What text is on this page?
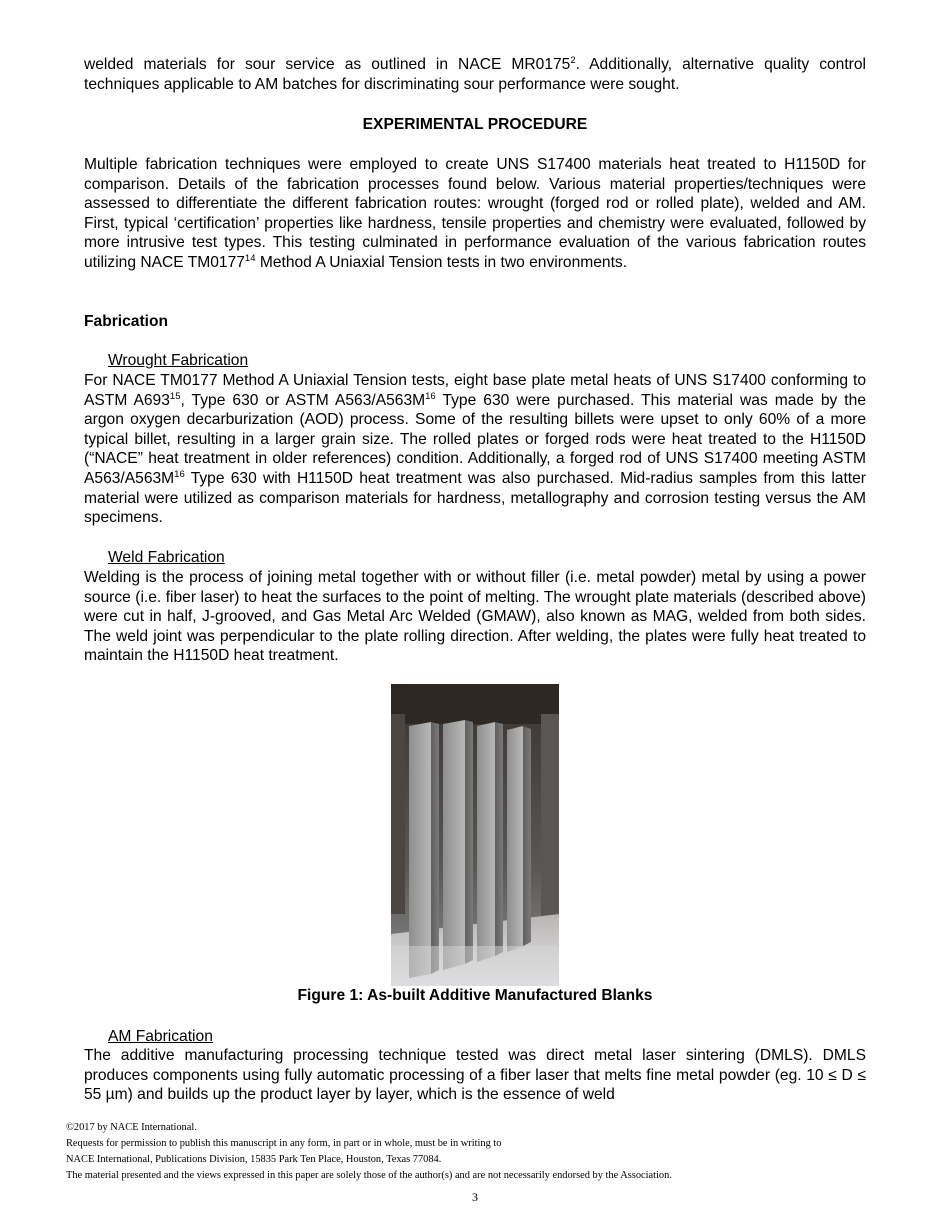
welded materials for sour service as outlined in NACE MR0175$^2$. Additionally, alternative quality control techniques applicable to AM batches for discriminating sour performance were sought.
EXPERIMENTAL PROCEDURE
Multiple fabrication techniques were employed to create UNS S17400 materials heat treated to H1150D for comparison. Details of the fabrication processes found below. Various material properties/techniques were assessed to differentiate the different fabrication routes: wrought (forged rod or rolled plate), welded and AM. First, typical ‘certification’ properties like hardness, tensile properties and chemistry were evaluated, followed by more intrusive test types. This testing culminated in performance evaluation of the various fabrication routes utilizing NACE TM0177$^{14}$ Method A Uniaxial Tension tests in two environments.
Fabrication
Wrought Fabrication
For NACE TM0177 Method A Uniaxial Tension tests, eight base plate metal heats of UNS S17400 conforming to ASTM $A693^{15}$, Type 630 or ASTM $A563/A563M^{16}$ Type 630 were purchased. This material was made by the argon oxygen decarburization (AOD) process. Some of the resulting billets were upset to only 60% of a more typical billet, resulting in a larger grain size. The rolled plates or forged rods were heat treated to the H1150D (“NACE” heat treatment in older references) condition. Additionally, a forged rod of UNS S17400 meeting ASTM $A563/A563M^{16}$ Type 630 with H1150D heat treatment was also purchased. Mid-radius samples from this latter material were utilized as comparison materials for hardness, metallography and corrosion testing versus the AM specimens.
Weld Fabrication
Welding is the process of joining metal together with or without filler (i.e. metal powder) metal by using a power source (i.e. fiber laser) to heat the surfaces to the point of melting. The wrought plate materials (described above) were cut in half, J-grooved, and Gas Metal Arc Welded (GMAW), also known as MAG, welded from both sides. The weld joint was perpendicular to the plate rolling direction. After welding, the plates were fully heat treated to maintain the H1150D heat treatment.
Figure 1: As-built Additive Manufactured Blanks
AM Fabrication
The additive manufacturing processing technique tested was direct metal laser sintering (DMLS). DMLS produces components using fully automatic processing of a fiber laser that melts fine metal powder (eg. 10 ≤ D ≤ 55 µm) and builds up the product layer by layer, which is the essence of weld
©2017 by NACE International.
Requests for permission to publish this manuscript in any form, in part or in whole, must be in writing to
NACE International, Publications Division, 15835 Park Ten Place, Houston, Texas 77084.
The material presented and the views expressed in this paper are solely those of the author(s) and are not necessarily endorsed by the Association.
3
